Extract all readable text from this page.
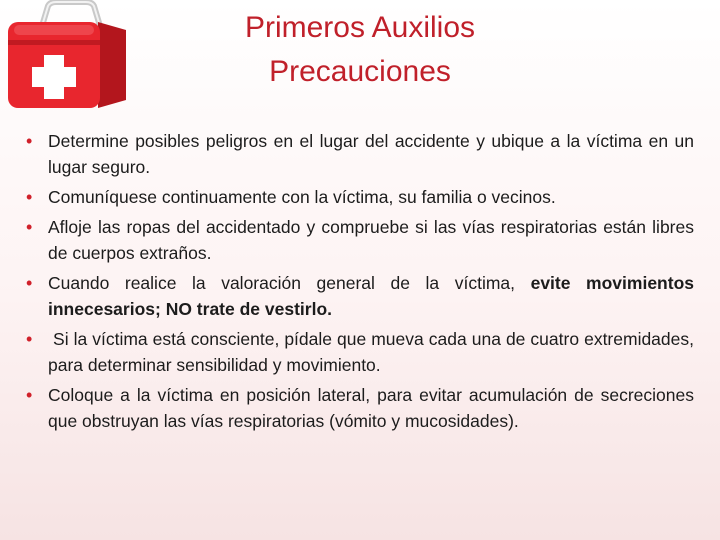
Primeros Auxilios
Precauciones
• Determine posibles peligros en el lugar del accidente y ubique a la víctima en un lugar seguro.
• Comuníquese continuamente con la víctima, su familia o vecinos.
• Afloje las ropas del accidentado y compruebe si las vías respiratorias están libres de cuerpos extraños.
• Cuando realice la valoración general de la víctima, evite movimientos innecesarios; NO trate de vestirlo.
• Si la víctima está consciente, pídale que mueva cada una de cuatro extremidades, para determinar sensibilidad y movimiento.
• Coloque a la víctima en posición lateral, para evitar acumulación de secreciones que obstruyan las vías respiratorias (vómito y mucosidades).
